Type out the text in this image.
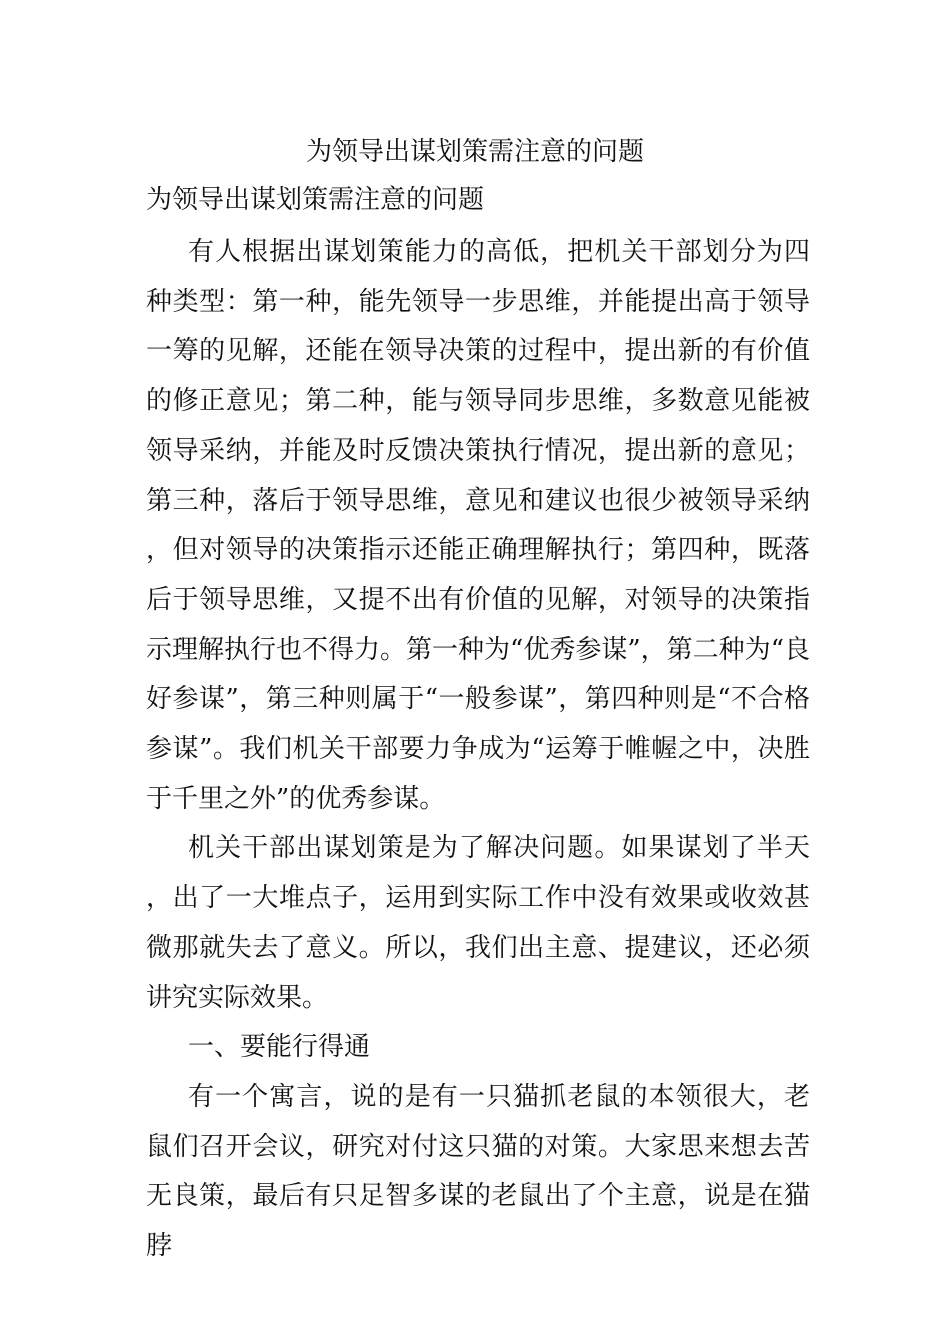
为领导出谋划策需注意的问题
为领导出谋划策需注意的问题

有人根据出谋划策能力的高低，把机关干部划分为四种类型：第一种，能先领导一步思维，并能提出高于领导一筹的见解，还能在领导决策的过程中，提出新的有价值的修正意见；第二种，能与领导同步思维，多数意见能被领导采纳，并能及时反馈决策执行情况，提出新的意见；第三种，落后于领导思维，意见和建议也很少被领导采纳，但对领导的决策指示还能正确理解执行；第四种，既落后于领导思维，又提不出有价值的见解，对领导的决策指示理解执行也不得力。第一种为“优秀参谋”，第二种为“良好参谋”，第三种则属于“一般参谋”，第四种则是“不合格参谋”。我们机关干部要力争成为“运筹于帷幄之中，决胜于千里之外”的优秀参谋。

机关干部出谋划策是为了解决问题。如果谋划了半天，出了一大堆点子，运用到实际工作中没有效果或收效甚微那就失去了意义。所以，我们出主意、提建议，还必须讲究实际效果。

一、要能行得通

有一个寓言，说的是有一只猫抓老鼠的本领很大，老鼠们召开会议，研究对付这只猫的对策。大家思来想去苦无良策，最后有只足智多谋的老鼠出了个主意，说是在猫脖
